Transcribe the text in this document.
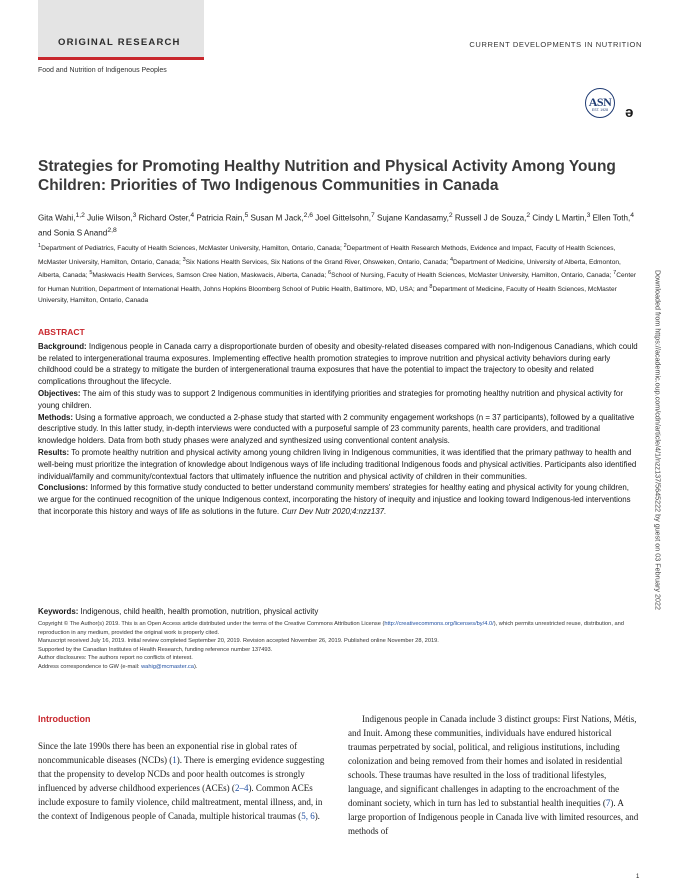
ORIGINAL RESEARCH	CURRENT DEVELOPMENTS IN NUTRITION
Food and Nutrition of Indigenous Peoples
ASN
EST. 1928	ә
Strategies for Promoting Healthy Nutrition and Physical Activity Among Young Children: Priorities of Two Indigenous Communities in Canada
Gita Wahi,$^{1,2}$ Julie Wilson,$^3$ Richard Oster,$^4$ Patricia Rain,$^5$ Susan M Jack,$^{2,6}$ Joel Gittelsohn,$^7$ Sujane Kandasamy,$^2$ Russell J de Souza,$^2$ Cindy L Martin,$^3$ Ellen Toth,$^4$ and Sonia S Anand$^{2,8}$
$^1$Department of Pediatrics, Faculty of Health Sciences, McMaster University, Hamilton, Ontario, Canada; $^2$Department of Health Research Methods, Evidence and Impact, Faculty of Health Sciences, McMaster University, Hamilton, Ontario, Canada; $^3$Six Nations Health Services, Six Nations of the Grand River, Ohsweken, Ontario, Canada; $^4$Department of Medicine, University of Alberta, Edmonton, Alberta, Canada; $^5$Maskwacis Health Services, Samson Cree Nation, Maskwacis, Alberta, Canada; $^6$School of Nursing, Faculty of Health Sciences, McMaster University, Hamilton, Ontario, Canada; $^7$Center for Human Nutrition, Department of International Health, Johns Hopkins Bloomberg School of Public Health, Baltimore, MD, USA; and $^8$Department of Medicine, Faculty of Health Sciences, McMaster University, Hamilton, Ontario, Canada
ABSTRACT

Background: Indigenous people in Canada carry a disproportionate burden of obesity and obesity-related diseases compared with non-Indigenous Canadians, which could be related to intergenerational trauma exposures. Implementing effective health promotion strategies to improve nutrition and physical activity behaviors during early childhood could be a strategy to mitigate the burden of intergenerational trauma exposures that have the potential to impact the trajectory to obesity and related complications throughout the lifecycle.

Objectives: The aim of this study was to support 2 Indigenous communities in identifying priorities and strategies for promoting healthy nutrition and physical activity for young children.

Methods: Using a formative approach, we conducted a 2-phase study that started with 2 community engagement workshops (n = 37 participants), followed by a qualitative descriptive study. In this latter study, in-depth interviews were conducted with a purposeful sample of 23 community parents, health care providers, and traditional knowledge holders. Data from both study phases were analyzed and synthesized using conventional content analysis.

Results: To promote healthy nutrition and physical activity among young children living in Indigenous communities, it was identified that the primary pathway to health and well-being must prioritize the integration of knowledge about Indigenous ways of life including traditional Indigenous foods and physical activities. Participants also identified individual/family and community/contextual factors that ultimately influence the nutrition and physical activity of children in their communities.

Conclusions: Informed by this formative study conducted to better understand community members' strategies for healthy eating and physical activity for young children, we argue for the continued recognition of the unique Indigenous context, incorporating the history of inequity and injustice and looking toward Indigenous-led interventions that incorporate this history and ways of life as solutions in the future. Curr Dev Nutr 2020;4:nzz137.

Keywords: Indigenous, child health, health promotion, nutrition, physical activity
Copyright © The Author(s) 2019. This is an Open Access article distributed under the terms of the Creative Commons Attribution License (http://creativecommons.org/licenses/by/4.0/), which permits unrestricted reuse, distribution, and reproduction in any medium, provided the original work is properly cited.
Manuscript received July 16, 2019. Initial review completed September 20, 2019. Revision accepted November 26, 2019. Published online November 28, 2019.
Supported by the Canadian Institutes of Health Research, funding reference number 137493.
Author disclosures: The authors report no conflicts of interest.
Address correspondence to GW (e-mail: wahig@mcmaster.ca).
Introduction

Since the late 1990s there has been an exponential rise in global rates of noncommunicable diseases (NCDs) (1). There is emerging evidence suggesting that the propensity to develop NCDs and poor health outcomes is strongly influenced by adverse childhood experiences (ACEs) (2–4). Common ACEs include exposure to family violence, child maltreatment, mental illness, and, in the context of Indigenous people of Canada, multiple historical traumas (5, 6).

Indigenous people in Canada include 3 distinct groups: First Nations, Métis, and Inuit. Among these communities, individuals have endured historical traumas perpetrated by social, political, and religious institutions, including colonization and being removed from their homes and isolated in residential schools. These traumas have resulted in the loss of traditional lifestyles, language, and significant challenges in adapting to the encroachment of the dominant society, which in turn has led to substantial health inequities (7). A large proportion of Indigenous people in Canada live with limited resources, and methods of

Downloaded from https://academic.oup.com/cdn/article/4/1/nzz137/5645222 by guest on 03 February 2022
1
